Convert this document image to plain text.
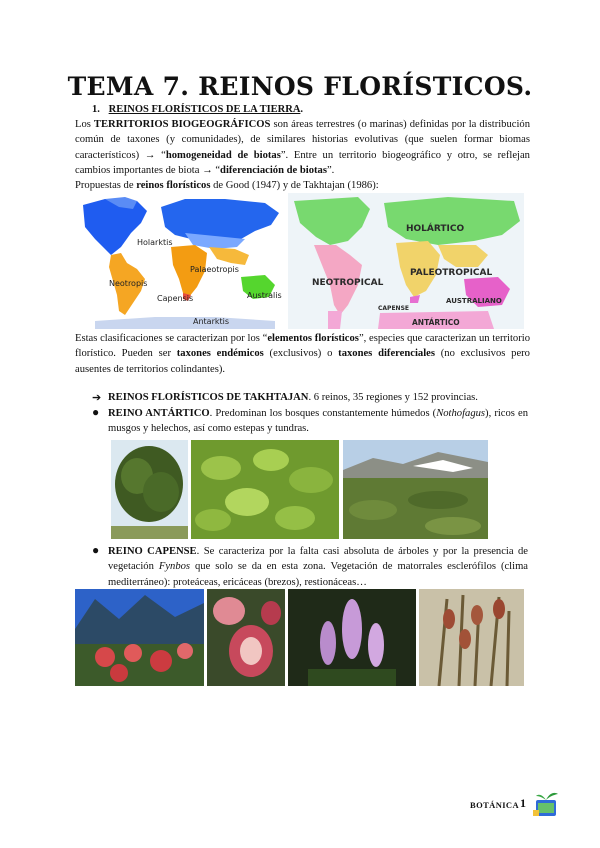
TEMA 7. REINOS FLORÍSTICOS.
1. REINOS FLORÍSTICOS DE LA TIERRA.
Los TERRITORIOS BIOGEOGRÁFICOS son áreas terrestres (o marinas) definidas por la distribución común de taxones (y comunidades), de similares historias evolutivas (que suelen formar biomas característicos) → “homogeneidad de biotas”. Entre un territorio biogeográfico y otro, se reflejan cambios importantes de biota → “diferenciación de biotas”.
Propuestas de reinos florísticos de Good (1947) y de Takhtajan (1986):
Holarktis
Neotropis
Palaeotropis
Capensis	Australis
Antarktis
HOLÁRTICO
NEOTROPICAL
PALEOTROPICAL
CAPENSE
AUSTRALIANO
ANTÁRTICO
Estas clasificaciones se caracterizan por los “elementos florísticos”, especies que caracterizan un territorio florístico. Pueden ser taxones endémicos (exclusivos) o taxones diferenciales (no exclusivos pero ausentes de territorios colindantes).
➔ REINOS FLORÍSTICOS DE TAKHTAJAN. 6 reinos, 35 regiones y 152 provincias.
● REINO ANTÁRTICO. Predominan los bosques constantemente húmedos (Nothofagus), ricos en musgos y helechos, así como estepas y tundras.
● REINO CAPENSE. Se caracteriza por la falta casi absoluta de árboles y por la presencia de vegetación Fynbos que solo se da en esta zona. Vegetación de matorrales esclerófilos (clima mediterráneo): proteáceas, ericáceas (brezos), restionáceas…
BOTÁNICA 1
